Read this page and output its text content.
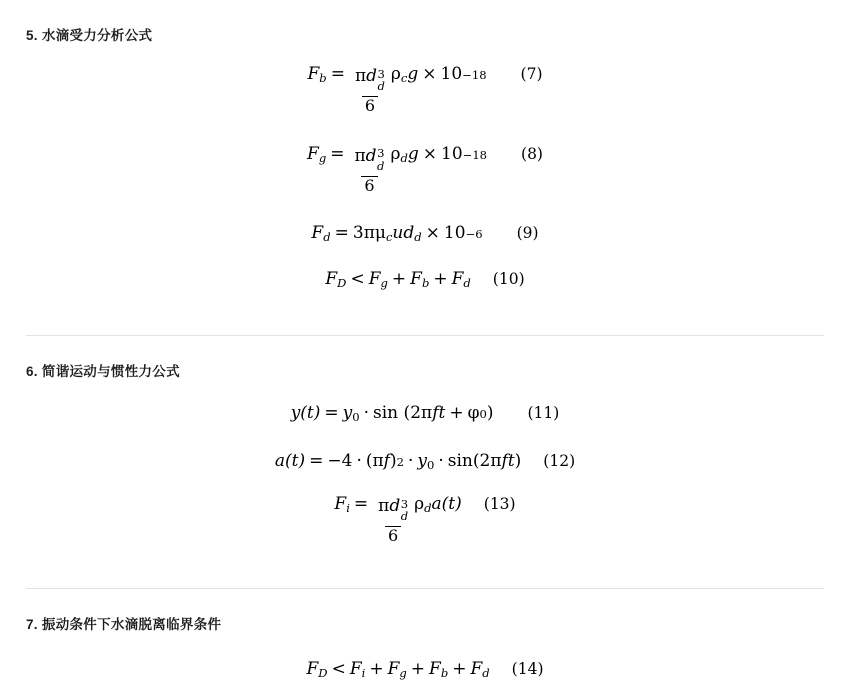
5. 水滴受力分析公式
$F_b = \pi d$ 3
d
6 $\rho_cg \times 10 -18$ (7)
$F_g = \pi d$ 3
d
6 $\rho_dg \times 10 -18$ (8)
$F_d = 3$ π μ $_cud_d \times 10 -6$ (9)
$F_D < F_g + F_b + F_d$ (10)
6. 简谐运动与惯性力公式
$y(t) = y_0 \cdot \sin$ ( 2 π ft + φ 0 ) (11)
a(t) = − 4 · ( π f ) $2 \cdot y_0 \cdot \sin$ ( 2 π ft ) (12)
$F_i = \pi d$ 3
d
6 $\rho_da(t)$ (13)
7. 振动条件下水滴脱离临界条件
$F_D < F_i + F_g + F_b + F_d$ (14)
